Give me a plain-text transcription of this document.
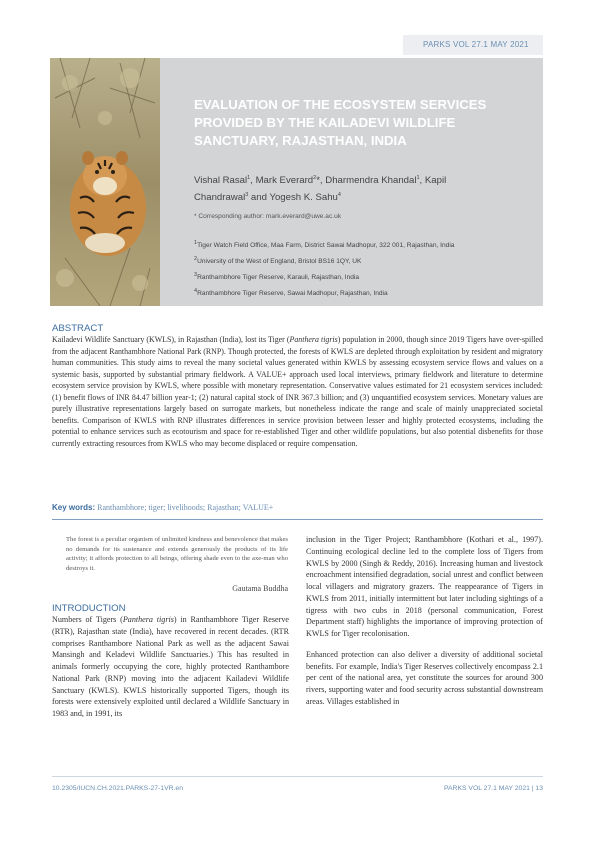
PARKS VOL 27.1 MAY 2021
EVALUATION OF THE ECOSYSTEM SERVICES PROVIDED BY THE KAILADEVI WILDLIFE SANCTUARY, RAJASTHAN, INDIA
Vishal Rasal$^1$, Mark Everard$^2$*, Dharmendra Khandal$^1$, Kapil Chandrawal$^3$ and Yogesh K. Sahu$^4$
* Corresponding author: mark.everard@uwe.ac.uk
$^1$Tiger Watch Field Office, Maa Farm, District Sawai Madhopur, 322 001, Rajasthan, India
$^2$University of the West of England, Bristol BS16 1QY, UK
$^3$Ranthambhore Tiger Reserve, Karauli, Rajasthan, India
$^4$Ranthambhore Tiger Reserve, Sawai Madhopur, Rajasthan, India
ABSTRACT
Kailadevi Wildlife Sanctuary (KWLS), in Rajasthan (India), lost its Tiger (Panthera tigris) population in 2000, though since 2019 Tigers have over-spilled from the adjacent Ranthambhore National Park (RNP). Though protected, the forests of KWLS are depleted through exploitation by resident and migratory human communities. This study aims to reveal the many societal values generated within KWLS by assessing ecosystem service flows and values on a systemic basis, supported by substantial primary fieldwork. A VALUE+ approach used local interviews, primary fieldwork and literature to determine ecosystem service provision by KWLS, where possible with monetary representation. Conservative values estimated for 21 ecosystem services included: (1) benefit flows of INR 84.47 billion year-1; (2) natural capital stock of INR 367.3 billion; and (3) unquantified ecosystem services. Monetary values are purely illustrative representations largely based on surrogate markets, but nonetheless indicate the range and scale of mainly unappreciated societal benefits. Comparison of KWLS with RNP illustrates differences in service provision between lesser and highly protected ecosystems, including the potential to enhance services such as ecotourism and space for re-established Tiger and other wildlife populations, but also potential disbenefits for those currently extracting resources from KWLS who may become displaced or require compensation.
Key words: Ranthambhore; tiger; livelihoods; Rajasthan; VALUE+
The forest is a peculiar organism of unlimited kindness and benevolence that makes no demands for its sustenance and extends generously the products of its life activity; it affords protection to all beings, offering shade even to the axe-man who destroys it.
Gautama Buddha
INTRODUCTION
Numbers of Tigers (Panthera tigris) in Ranthambhore Tiger Reserve (RTR), Rajasthan state (India), have recovered in recent decades. (RTR comprises Ranthambore National Park as well as the adjacent Sawai Mansingh and Keladevi Wildlife Sanctuaries.) This has resulted in animals formerly occupying the core, highly protected Ranthambore National Park (RNP) moving into the adjacent Kailadevi Wildlife Sanctuary (KWLS). KWLS historically supported Tigers, though its forests were extensively exploited until declared a Wildlife Sanctuary in 1983 and, in 1991, its

inclusion in the Tiger Project; Ranthambhore (Kothari et al., 1997). Continuing ecological decline led to the complete loss of Tigers from KWLS by 2000 (Singh & Reddy, 2016). Increasing human and livestock encroachment intensified degradation, social unrest and conflict between local villagers and migratory grazers. The reappearance of Tigers in KWLS from 2011, initially intermittent but later including sightings of a tigress with two cubs in 2018 (personal communication, Forest Department staff) highlights the importance of improving protection of KWLS for Tiger recolonisation.

Enhanced protection can also deliver a diversity of additional societal benefits. For example, India's Tiger Reserves collectively encompass 2.1 per cent of the national area, yet constitute the sources for around 300 rivers, supporting water and food security across substantial downstream areas. Villages established in

10.2305/IUCN.CH.2021.PARKS-27-1VR.en	PARKS VOL 27.1 MAY 2021 | 13
